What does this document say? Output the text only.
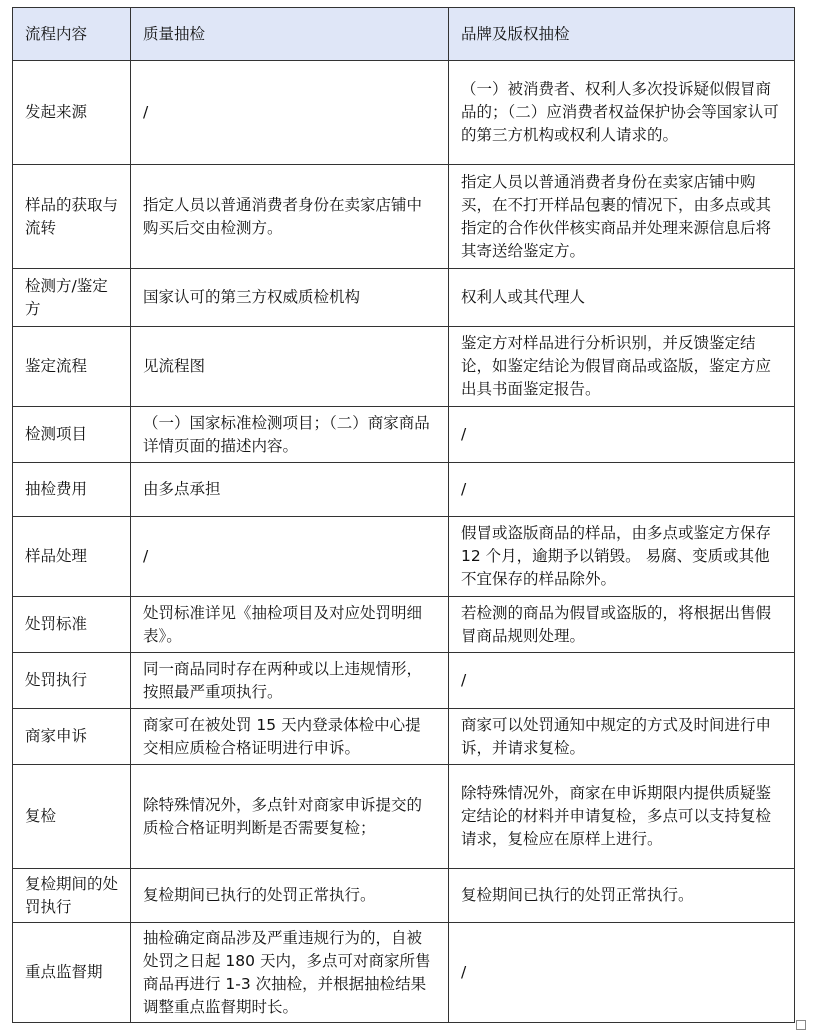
流程内容	质量抽检	品牌及版权抽检
发起来源	/	（一）被消费者、权利人多次投诉疑似假冒商品的；（二）应消费者权益保护协会等国家认可的第三方机构或权利人请求的。
样品的获取与流转	指定人员以普通消费者身份在卖家店铺中购买后交由检测方。	指定人员以普通消费者身份在卖家店铺中购买，在不打开样品包裹的情况下，由多点或其指定的合作伙伴核实商品并处理来源信息后将其寄送给鉴定方。
检测方/鉴定方	国家认可的第三方权威质检机构	权利人或其代理人
鉴定流程	见流程图	鉴定方对样品进行分析识别，并反馈鉴定结论，如鉴定结论为假冒商品或盗版，鉴定方应出具书面鉴定报告。
检测项目	（一）国家标准检测项目；（二）商家商品详情页面的描述内容。	/
抽检费用	由多点承担	/
样品处理	/	假冒或盗版商品的样品，由多点或鉴定方保存 12 个月，逾期予以销毁。 易腐、变质或其他不宜保存的样品除外。
处罚标准	处罚标准详见《抽检项目及对应处罚明细表》。	若检测的商品为假冒或盗版的，将根据出售假冒商品规则处理。
处罚执行	同一商品同时存在两种或以上违规情形，按照最严重项执行。	/
商家申诉	商家可在被处罚 15 天内登录体检中心提交相应质检合格证明进行申诉。	商家可以处罚通知中规定的方式及时间进行申诉，并请求复检。
复检	除特殊情况外，多点针对商家申诉提交的质检合格证明判断是否需要复检；	除特殊情况外，商家在申诉期限内提供质疑鉴定结论的材料并申请复检，多点可以支持复检请求，复检应在原样上进行。
复检期间的处罚执行	复检期间已执行的处罚正常执行。	复检期间已执行的处罚正常执行。
重点监督期	抽检确定商品涉及严重违规行为的，自被处罚之日起 180 天内，多点可对商家所售商品再进行 1-3 次抽检，并根据抽检结果调整重点监督期时长。	/
